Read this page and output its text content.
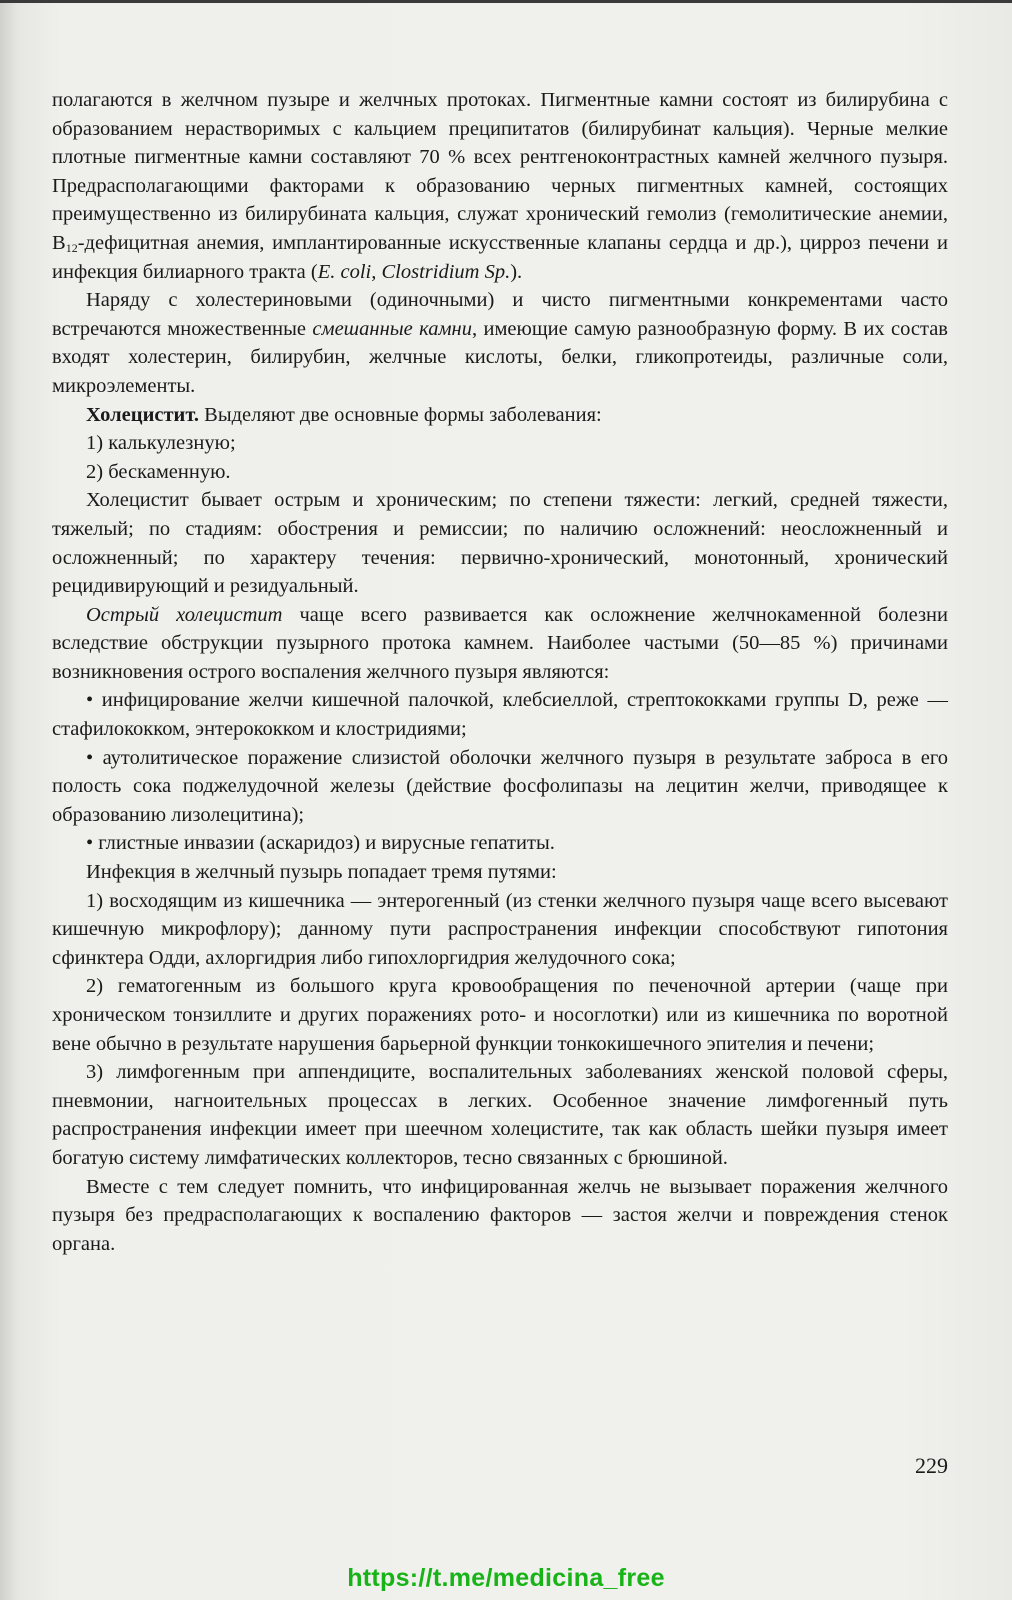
полагаются в желчном пузыре и желчных протоках. Пигментные камни состоят из билирубина с образованием нерастворимых с кальцием преципитатов (билирубинат кальция). Черные мелкие плотные пигментные камни составляют 70 % всех рентгеноконтрастных камней желчного пузыря. Предрасполагающими факторами к образованию черных пигментных камней, состоящих преимущественно из билирубината кальция, служат хронический гемолиз (гемолитические анемии, $B_{12}$-дефицитная анемия, имплантированные искусственные клапаны сердца и др.), цирроз печени и инфекция билиарного тракта (E. coli, Clostridium Sp.).

Наряду с холестериновыми (одиночными) и чисто пигментными конкрементами часто встречаются множественные смешанные камни, имеющие самую разнообразную форму. В их состав входят холестерин, билирубин, желчные кислоты, белки, гликопротеиды, различные соли, микроэлементы.

Холецистит. Выделяют две основные формы заболевания:

1) калькулезную;

2) бескаменную.

Холецистит бывает острым и хроническим; по степени тяжести: легкий, средней тяжести, тяжелый; по стадиям: обострения и ремиссии; по наличию осложнений: неосложненный и осложненный; по характеру течения: первично-хронический, монотонный, хронический рецидивирующий и резидуальный.

Острый холецистит чаще всего развивается как осложнение желчнокаменной болезни вследствие обструкции пузырного протока камнем. Наиболее частыми (50—85 %) причинами возникновения острого воспаления желчного пузыря являются:

• инфицирование желчи кишечной палочкой, клебсиеллой, стрептококками группы D, реже — стафилококком, энтерококком и клостридиями;

• аутолитическое поражение слизистой оболочки желчного пузыря в результате заброса в его полость сока поджелудочной железы (действие фосфолипазы на лецитин желчи, приводящее к образованию лизолецитина);

• глистные инвазии (аскаридоз) и вирусные гепатиты.

Инфекция в желчный пузырь попадает тремя путями:

1) восходящим из кишечника — энтерогенный (из стенки желчного пузыря чаще всего высевают кишечную микрофлору); данному пути распространения инфекции способствуют гипотония сфинктера Одди, ахлоргидрия либо гипохлоргидрия желудочного сока;

2) гематогенным из большого круга кровообращения по печеночной артерии (чаще при хроническом тонзиллите и других поражениях рото- и носоглотки) или из кишечника по воротной вене обычно в результате нарушения барьерной функции тонкокишечного эпителия и печени;

3) лимфогенным при аппендиците, воспалительных заболеваниях женской половой сферы, пневмонии, нагноительных процессах в легких. Особенное значение лимфогенный путь распространения инфекции имеет при шеечном холецистите, так как область шейки пузыря имеет богатую систему лимфатических коллекторов, тесно связанных с брюшиной.

Вместе с тем следует помнить, что инфицированная желчь не вызывает поражения желчного пузыря без предрасполагающих к воспалению факторов — застоя желчи и повреждения стенок органа.

229
https://t.me/medicina_free
